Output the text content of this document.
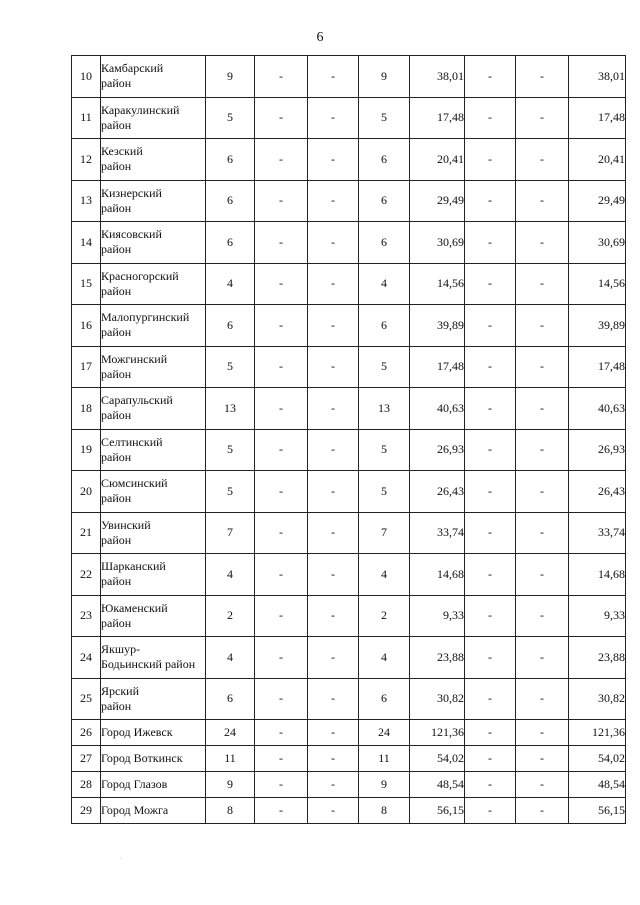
6
10	Камбарский
район	9	-	-	9	38,01	-	-	38,01
11	Каракулинский
район	5	-	-	5	17,48	-	-	17,48
12	Кезский
район	6	-	-	6	20,41	-	-	20,41
13	Кизнерский
район	6	-	-	6	29,49	-	-	29,49
14	Киясовский
район	6	-	-	6	30,69	-	-	30,69
15	Красногорский
район	4	-	-	4	14,56	-	-	14,56
16	Малопургинский
район	6	-	-	6	39,89	-	-	39,89
17	Можгинский
район	5	-	-	5	17,48	-	-	17,48
18	Сарапульский
район	13	-	-	13	40,63	-	-	40,63
19	Селтинский
район	5	-	-	5	26,93	-	-	26,93
20	Сюмсинский
район	5	-	-	5	26,43	-	-	26,43
21	Увинский
район	7	-	-	7	33,74	-	-	33,74
22	Шарканский
район	4	-	-	4	14,68	-	-	14,68
23	Юкаменский
район	2	-	-	2	9,33	-	-	9,33
24	Якшур-
Бодьинский район	4	-	-	4	23,88	-	-	23,88
25	Ярский
район	6	-	-	6	30,82	-	-	30,82
26	Город Ижевск	24	-	-	24	121,36	-	-	121,36
27	Город Воткинск	11	-	-	11	54,02	-	-	54,02
28	Город Глазов	9	-	-	9	48,54	-	-	48,54
29	Город Можга	8	-	-	8	56,15	-	-	56,15
.
